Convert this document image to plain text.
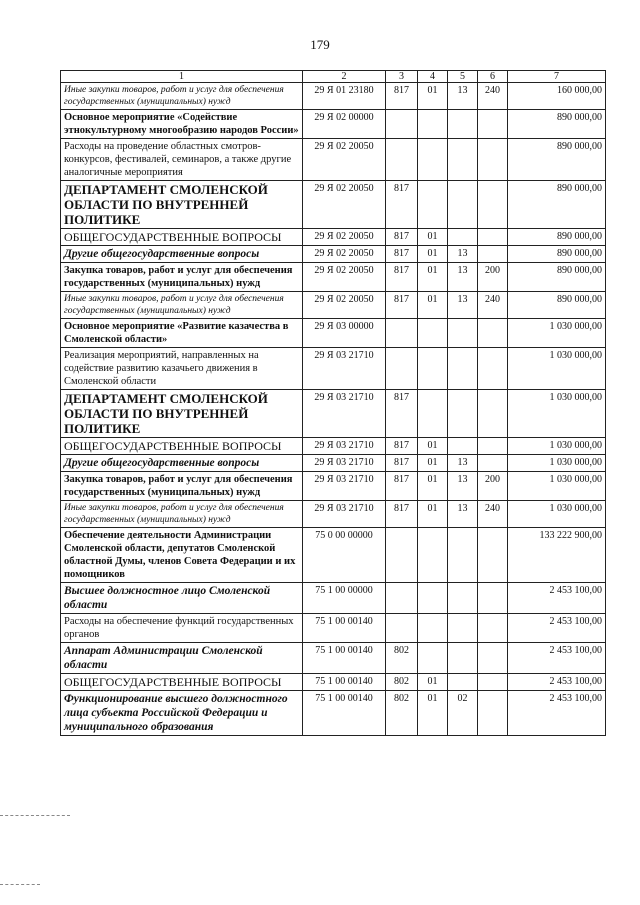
179
1	2	3	4	5	6	7
Иные закупки товаров, работ и услуг для обеспечения государственных (муниципальных) нужд	29 Я 01 23180	817	01	13	240	160 000,00
Основное мероприятие «Содействие этнокультурному многообразию народов России»	29 Я 02 00000					890 000,00
Расходы на проведение областных смотров-конкурсов, фестивалей, семинаров, а также другие аналогичные мероприятия	29 Я 02 20050					890 000,00
ДЕПАРТАМЕНТ СМОЛЕНСКОЙ ОБЛАСТИ ПО ВНУТРЕННЕЙ ПОЛИТИКЕ	29 Я 02 20050	817				890 000,00
ОБЩЕГОСУДАРСТВЕННЫЕ ВОПРОСЫ	29 Я 02 20050	817	01			890 000,00
Другие общегосударственные вопросы	29 Я 02 20050	817	01	13		890 000,00
Закупка товаров, работ и услуг для обеспечения государственных (муниципальных) нужд	29 Я 02 20050	817	01	13	200	890 000,00
Иные закупки товаров, работ и услуг для обеспечения государственных (муниципальных) нужд	29 Я 02 20050	817	01	13	240	890 000,00
Основное мероприятие «Развитие казачества в Смоленской области»	29 Я 03 00000					1 030 000,00
Реализация мероприятий, направленных на содействие развитию казачьего движения в Смоленской области	29 Я 03 21710					1 030 000,00
ДЕПАРТАМЕНТ СМОЛЕНСКОЙ ОБЛАСТИ ПО ВНУТРЕННЕЙ ПОЛИТИКЕ	29 Я 03 21710	817				1 030 000,00
ОБЩЕГОСУДАРСТВЕННЫЕ ВОПРОСЫ	29 Я 03 21710	817	01			1 030 000,00
Другие общегосударственные вопросы	29 Я 03 21710	817	01	13		1 030 000,00
Закупка товаров, работ и услуг для обеспечения государственных (муниципальных) нужд	29 Я 03 21710	817	01	13	200	1 030 000,00
Иные закупки товаров, работ и услуг для обеспечения государственных (муниципальных) нужд	29 Я 03 21710	817	01	13	240	1 030 000,00
Обеспечение деятельности Администрации Смоленской области, депутатов Смоленской областной Думы, членов Совета Федерации и их помощников	75 0 00 00000					133 222 900,00
Высшее должностное лицо Смоленской области	75 1 00 00000					2 453 100,00
Расходы на обеспечение функций государственных органов	75 1 00 00140					2 453 100,00
Аппарат Администрации Смоленской области	75 1 00 00140	802				2 453 100,00
ОБЩЕГОСУДАРСТВЕННЫЕ ВОПРОСЫ	75 1 00 00140	802	01			2 453 100,00
Функционирование высшего должностного лица субъекта Российской Федерации и муниципального образования	75 1 00 00140	802	01	02		2 453 100,00
